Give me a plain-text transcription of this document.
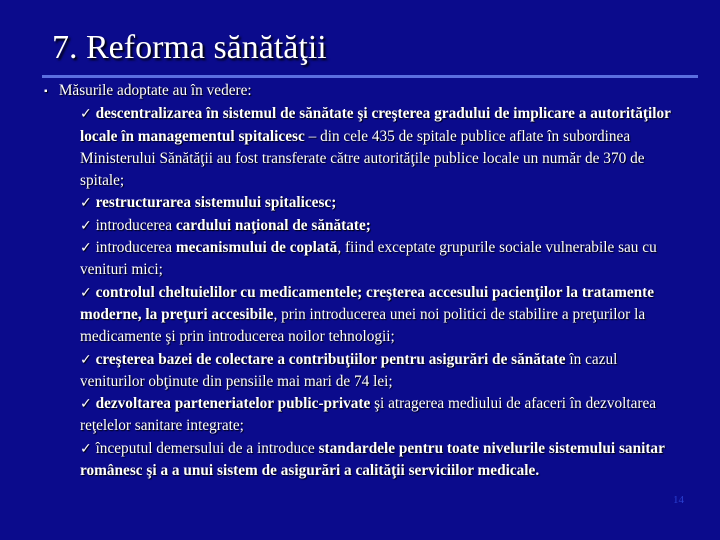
7. Reforma sănătăţii
▪ Măsurile adoptate au în vedere:
✓ descentralizarea în sistemul de sănătate şi creşterea gradului de implicare a autorităţilor locale în managementul spitalicesc – din cele 435 de spitale publice aflate în subordinea Ministerului Sănătăţii au fost transferate către autorităţile publice locale un număr de 370 de spitale;
✓ restructurarea sistemului spitalicesc;
✓ introducerea cardului naţional de sănătate;
✓ introducerea mecanismului de coplată, fiind exceptate grupurile sociale vulnerabile sau cu venituri mici;
✓ controlul cheltuielilor cu medicamentele; creşterea accesului pacienţilor la tratamente moderne, la preţuri accesibile, prin introducerea unei noi politici de stabilire a preţurilor la medicamente şi prin introducerea noilor tehnologii;
✓ creşterea bazei de colectare a contribuţiilor pentru asigurări de sănătate în cazul veniturilor obţinute din pensiile mai mari de 74 lei;
✓ dezvoltarea parteneriatelor public-private şi atragerea mediului de afaceri în dezvoltarea reţelelor sanitare integrate;
✓ începutul demersului de a introduce standardele pentru toate nivelurile sistemului sanitar românesc şi a a unui sistem de asigurări a calităţii serviciilor medicale.
14
